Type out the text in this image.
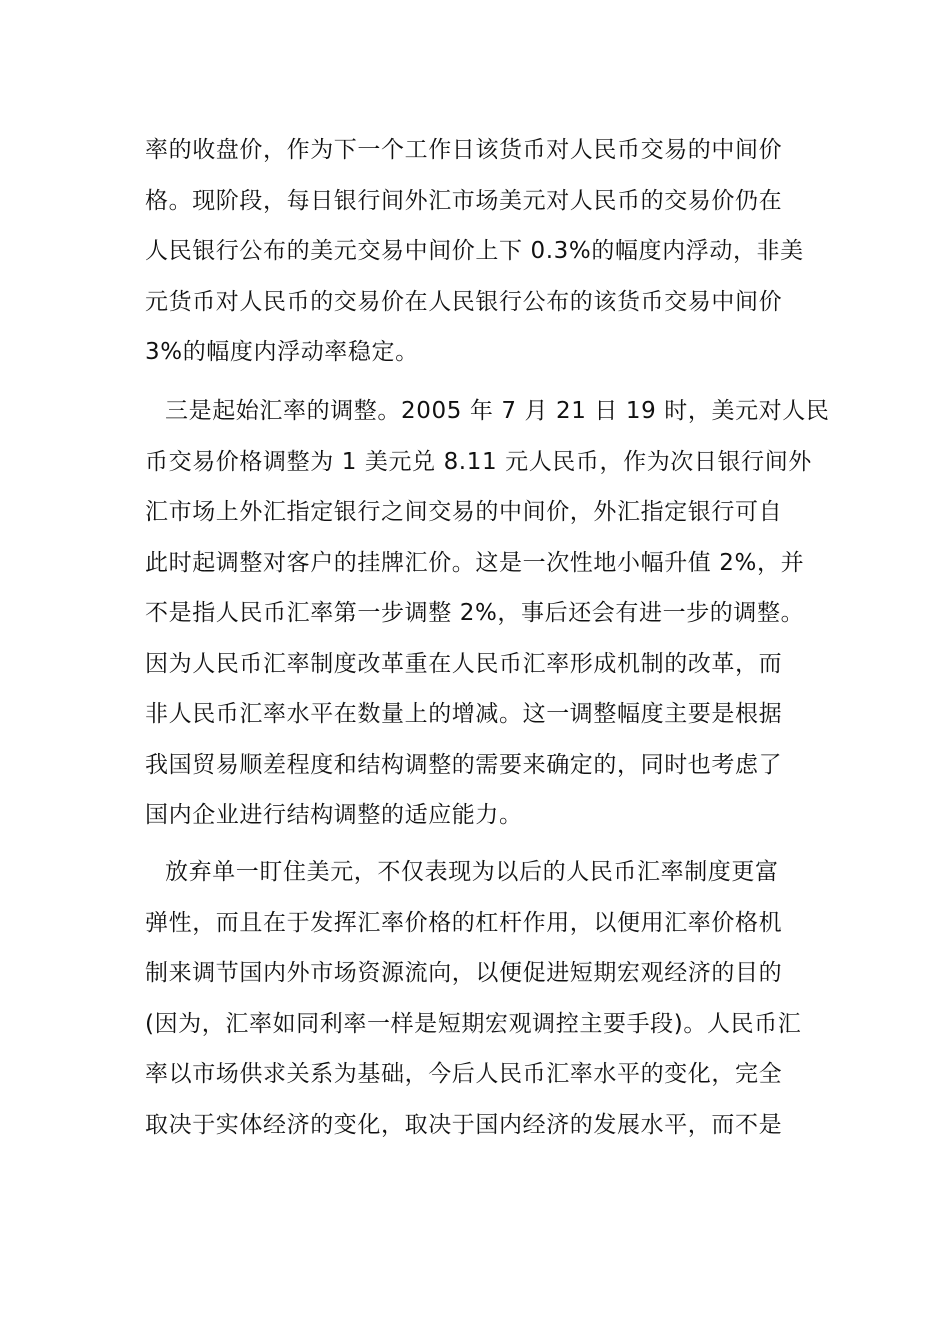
率的收盘价，作为下一个工作日该货币对人民币交易的中间价
格。现阶段，每日银行间外汇市场美元对人民币的交易价仍在
人民银行公布的美元交易中间价上下 0.3%的幅度内浮动，非美
元货币对人民币的交易价在人民银行公布的该货币交易中间价
3%的幅度内浮动率稳定。
三是起始汇率的调整。2005 年 7 月 21 日 19 时，美元对人民
币交易价格调整为 1 美元兑 8.11 元人民币，作为次日银行间外
汇市场上外汇指定银行之间交易的中间价，外汇指定银行可自
此时起调整对客户的挂牌汇价。这是一次性地小幅升值 2%，并
不是指人民币汇率第一步调整 2%，事后还会有进一步的调整。
因为人民币汇率制度改革重在人民币汇率形成机制的改革，而
非人民币汇率水平在数量上的增减。这一调整幅度主要是根据
我国贸易顺差程度和结构调整的需要来确定的，同时也考虑了
国内企业进行结构调整的适应能力。
放弃单一盯住美元，不仅表现为以后的人民币汇率制度更富
弹性，而且在于发挥汇率价格的杠杆作用，以便用汇率价格机
制来调节国内外市场资源流向，以便促进短期宏观经济的目的
(因为，汇率如同利率一样是短期宏观调控主要手段)。人民币汇
率以市场供求关系为基础，今后人民币汇率水平的变化，完全
取决于实体经济的变化，取决于国内经济的发展水平，而不是
